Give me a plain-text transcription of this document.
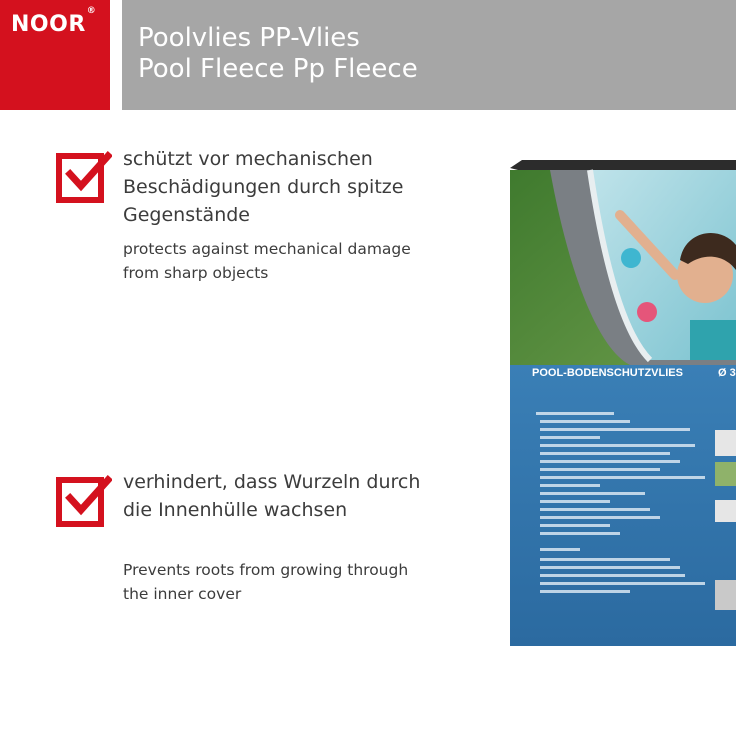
NOOR®
Poolvlies PP-Vlies
Pool Fleece Pp Fleece
schützt vor mechanischen Beschädigungen durch spitze Gegenstände
protects against mechanical damage from sharp objects
verhindert, dass Wurzeln durch die Innenhülle wachsen
Prevents roots from growing through the inner cover
POOL-BODENSCHUTZVLIES	Ø 3
